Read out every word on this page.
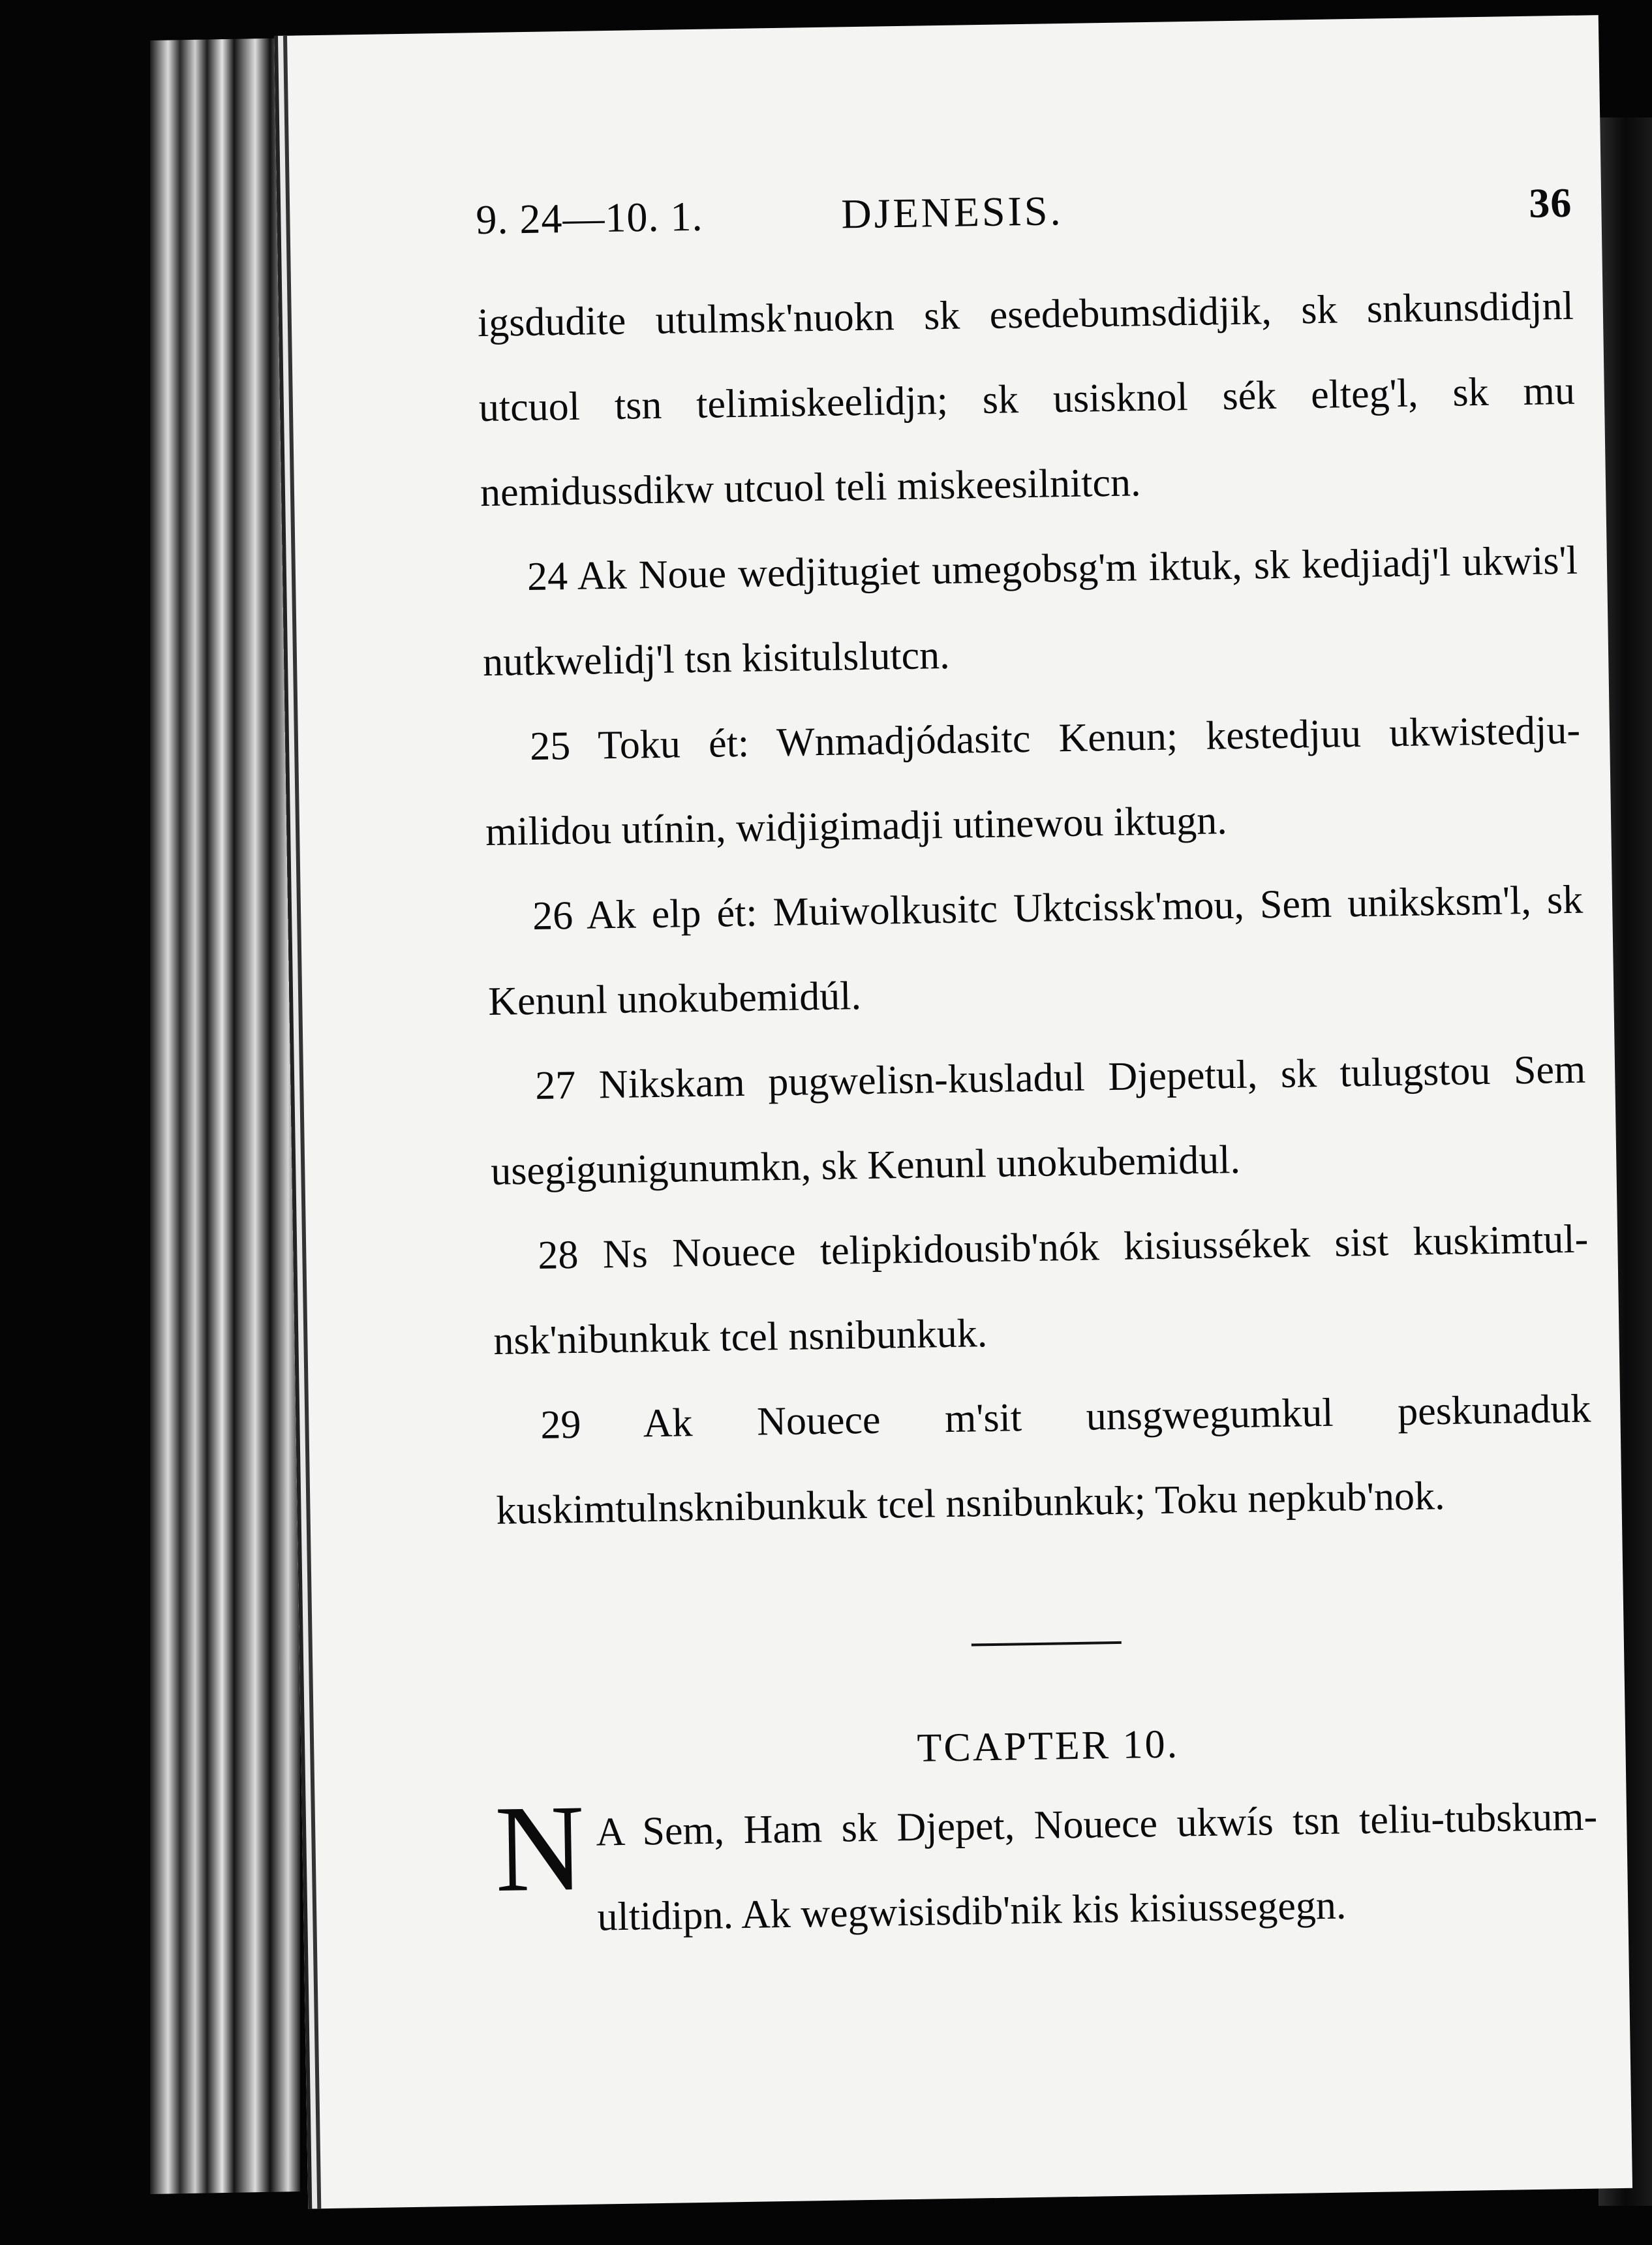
9. 24—10. 1.	DJENESIS.	36

igsdudite utulmsk'nuokn sk esedebumsdidjik, sk snkunsdidjnl utcuol tsn telimiskeelidjn; sk usisknol sék elteg'l, sk mu nemidussdikw utcuol teli miskeesilnitcn.

24 Ak Noue wedjitugiet umegobsg'm iktuk, sk kedjiadj'l ukwis'l nutkwelidj'l tsn kisitulslutcn.

25 Toku ét: Wnmadjódasitc Kenun; kestedjuu ukwistedju-milidou utínin, widjigimadji utinewou iktugn.

26 Ak elp ét: Muiwolkusitc Uktcissk'mou, Sem uniksksm'l, sk Kenunl unokubemidúl.

27 Nikskam pugwelisn-kusladul Djepetul, sk tulugstou Sem usegigunigunumkn, sk Kenunl unokubemidul.

28 Ns Nouece telipkidousib'nók kisiussékek sist kuskimtul-nsk'nibunkuk tcel nsnibunkuk.

29 Ak Nouece m'sit unsgwegumkul peskunaduk kuskimtulnsknibunkuk tcel nsnibunkuk; Toku nepkub'nok.

TCAPTER 10.

N A Sem, Ham sk Djepet, Nouece ukwís tsn teliu-tubskum-ultidipn. Ak wegwisisdib'nik kis kisiussegegn.
